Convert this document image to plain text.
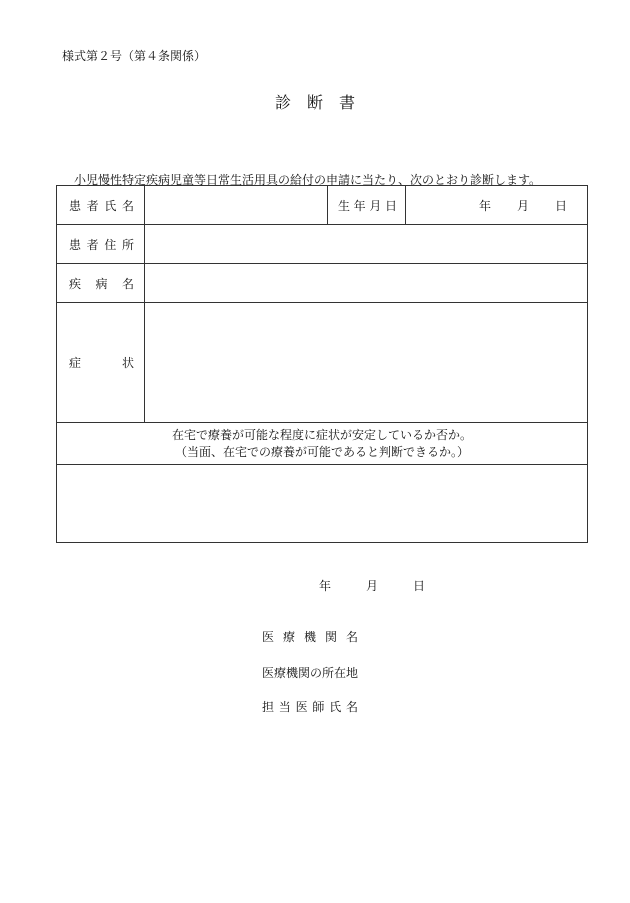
様式第２号（第４条関係）
診　断　書
小児慢性特定疾病児童等日常生活用具の給付の申請に当たり、次のとおり診断します。
患 者 氏 名		生 年 月 日	年 月 日

患 者 住 所			

疾 病 名			

症 状			

在宅で療養が可能な程度に症状が安定しているか否か。
（当面、在宅での療養が可能であると判断できるか。）			

年	月	日
医 療 機 関 名
医療機関の所在地
担 当 医 師 氏 名
